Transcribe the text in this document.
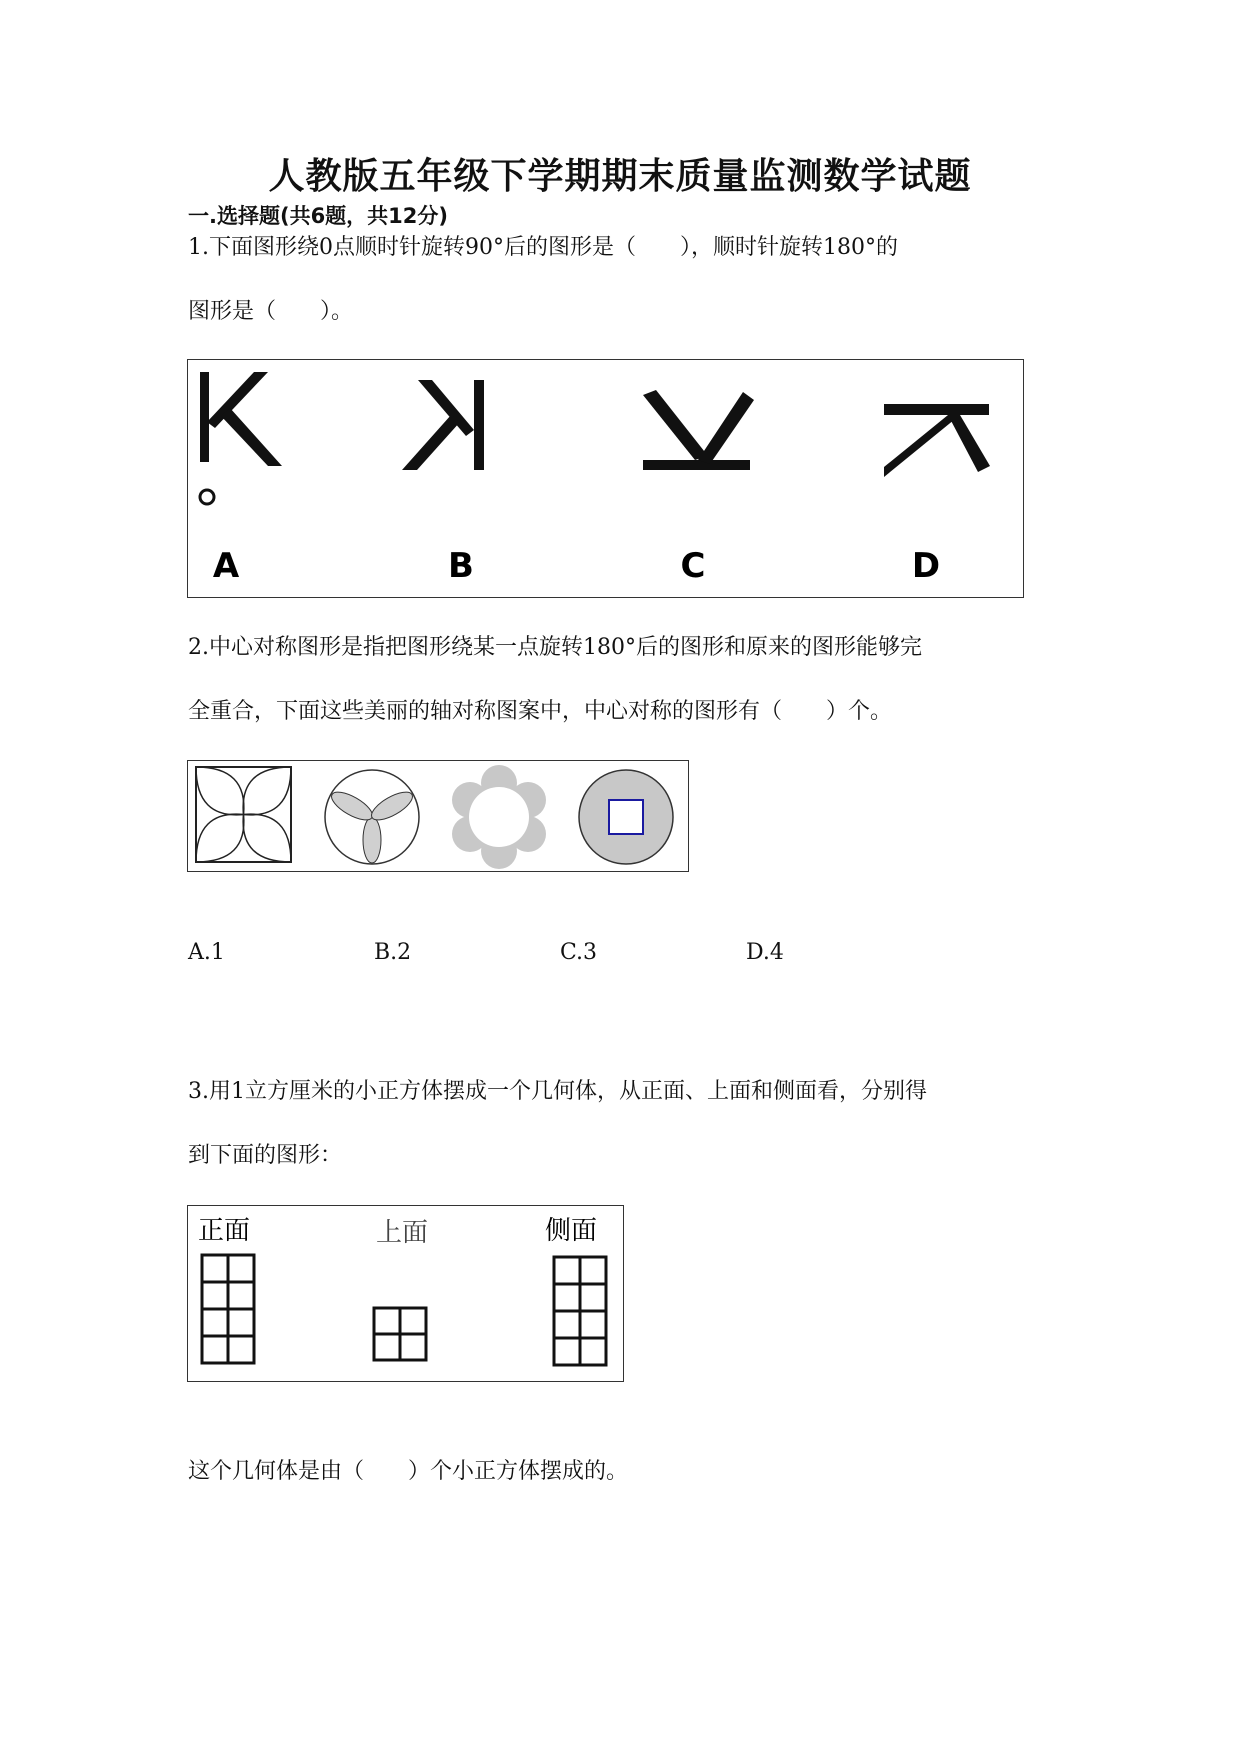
人教版五年级下学期期末质量监测数学试题
一.选择题(共6题，共12分)
1.下面图形绕0点顺时针旋转90°后的图形是（　　），顺时针旋转180°的
图形是（　　）。
A	B	C	D
2.中心对称图形是指把图形绕某一点旋转180°后的图形和原来的图形能够完
全重合，下面这些美丽的轴对称图案中，中心对称的图形有（　　）个。
A.1	B.2	C.3	D.4
3.用1立方厘米的小正方体摆成一个几何体，从正面、上面和侧面看，分别得
到下面的图形：
正面	上面	侧面
这个几何体是由（　　）个小正方体摆成的。
